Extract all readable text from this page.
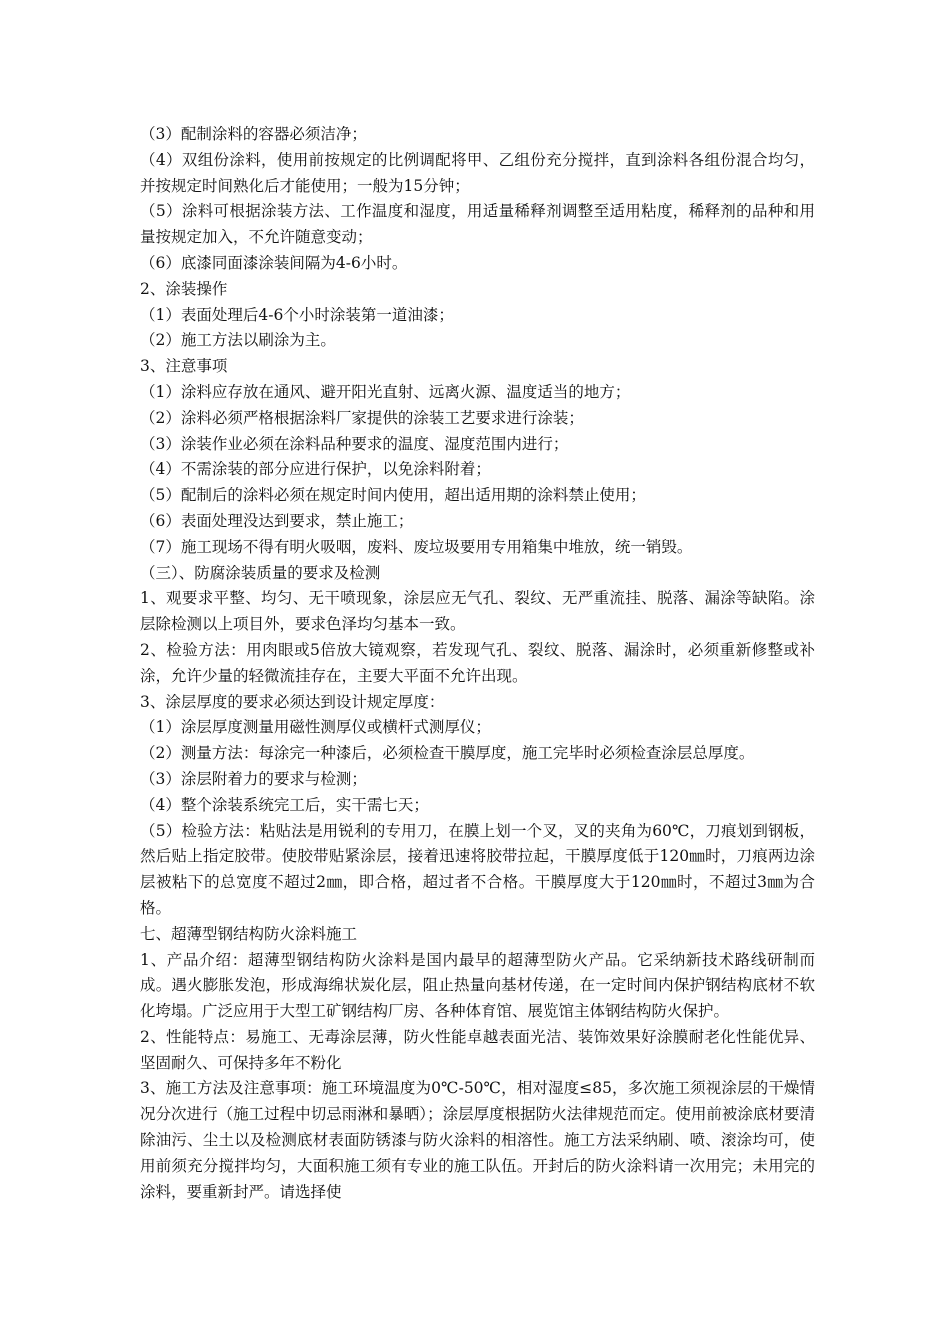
（3）配制涂料的容器必须洁净；

（4）双组份涂料，使用前按规定的比例调配将甲、乙组份充分搅拌，直到涂料各组份混合均匀，并按规定时间熟化后才能使用；一般为15分钟；

（5）涂料可根据涂装方法、工作温度和湿度，用适量稀释剂调整至适用粘度，稀释剂的品种和用量按规定加入，不允许随意变动；

（6）底漆同面漆涂装间隔为4-6小时。

2、涂装操作

（1）表面处理后4-6个小时涂装第一道油漆；

（2）施工方法以刷涂为主。

3、注意事项

（1）涂料应存放在通风、避开阳光直射、远离火源、温度适当的地方；

（2）涂料必须严格根据涂料厂家提供的涂装工艺要求进行涂装；

（3）涂装作业必须在涂料品种要求的温度、湿度范围内进行；

（4）不需涂装的部分应进行保护，以免涂料附着；

（5）配制后的涂料必须在规定时间内使用，超出适用期的涂料禁止使用；

（6）表面处理没达到要求，禁止施工；

（7）施工现场不得有明火吸咽，废料、废垃圾要用专用箱集中堆放，统一销毁。

（三）、防腐涂装质量的要求及检测

1、观要求平整、均匀、无干喷现象，涂层应无气孔、裂纹、无严重流挂、脱落、漏涂等缺陷。涂层除检测以上项目外，要求色泽均匀基本一致。

2、检验方法：用肉眼或5倍放大镜观察，若发现气孔、裂纹、脱落、漏涂时，必须重新修整或补涂，允许少量的轻微流挂存在，主要大平面不允许出现。

3、涂层厚度的要求必须达到设计规定厚度：

（1）涂层厚度测量用磁性测厚仪或横杆式测厚仪；

（2）测量方法：每涂完一种漆后，必须检查干膜厚度，施工完毕时必须检查涂层总厚度。

（3）涂层附着力的要求与检测；

（4）整个涂装系统完工后，实干需七天；

（5）检验方法：粘贴法是用锐利的专用刀，在膜上划一个叉，叉的夹角为60℃，刀痕划到钢板，然后贴上指定胶带。使胶带贴紧涂层，接着迅速将胶带拉起，干膜厚度低于120㎜时，刀痕两边涂层被粘下的总宽度不超过2㎜，即合格，超过者不合格。干膜厚度大于120㎜时，不超过3㎜为合格。

七、超薄型钢结构防火涂料施工

1、产品介绍：超薄型钢结构防火涂料是国内最早的超薄型防火产品。它采纳新技术路线研制而成。遇火膨胀发泡，形成海绵状炭化层，阻止热量向基材传递，在一定时间内保护钢结构底材不软化垮塌。广泛应用于大型工矿钢结构厂房、各种体育馆、展览馆主体钢结构防火保护。

2、性能特点：易施工、无毒涂层薄，防火性能卓越表面光洁、装饰效果好涂膜耐老化性能优异、坚固耐久、可保持多年不粉化

3、施工方法及注意事项：施工环境温度为0℃-50℃，相对湿度≤85，多次施工须视涂层的干燥情况分次进行（施工过程中切忌雨淋和暴晒）；涂层厚度根据防火法律规范而定。使用前被涂底材要清除油污、尘土以及检测底材表面防锈漆与防火涂料的相溶性。施工方法采纳刷、喷、滚涂均可，使用前须充分搅拌均匀，大面积施工须有专业的施工队伍。开封后的防火涂料请一次用完；未用完的涂料，要重新封严。请选择使
